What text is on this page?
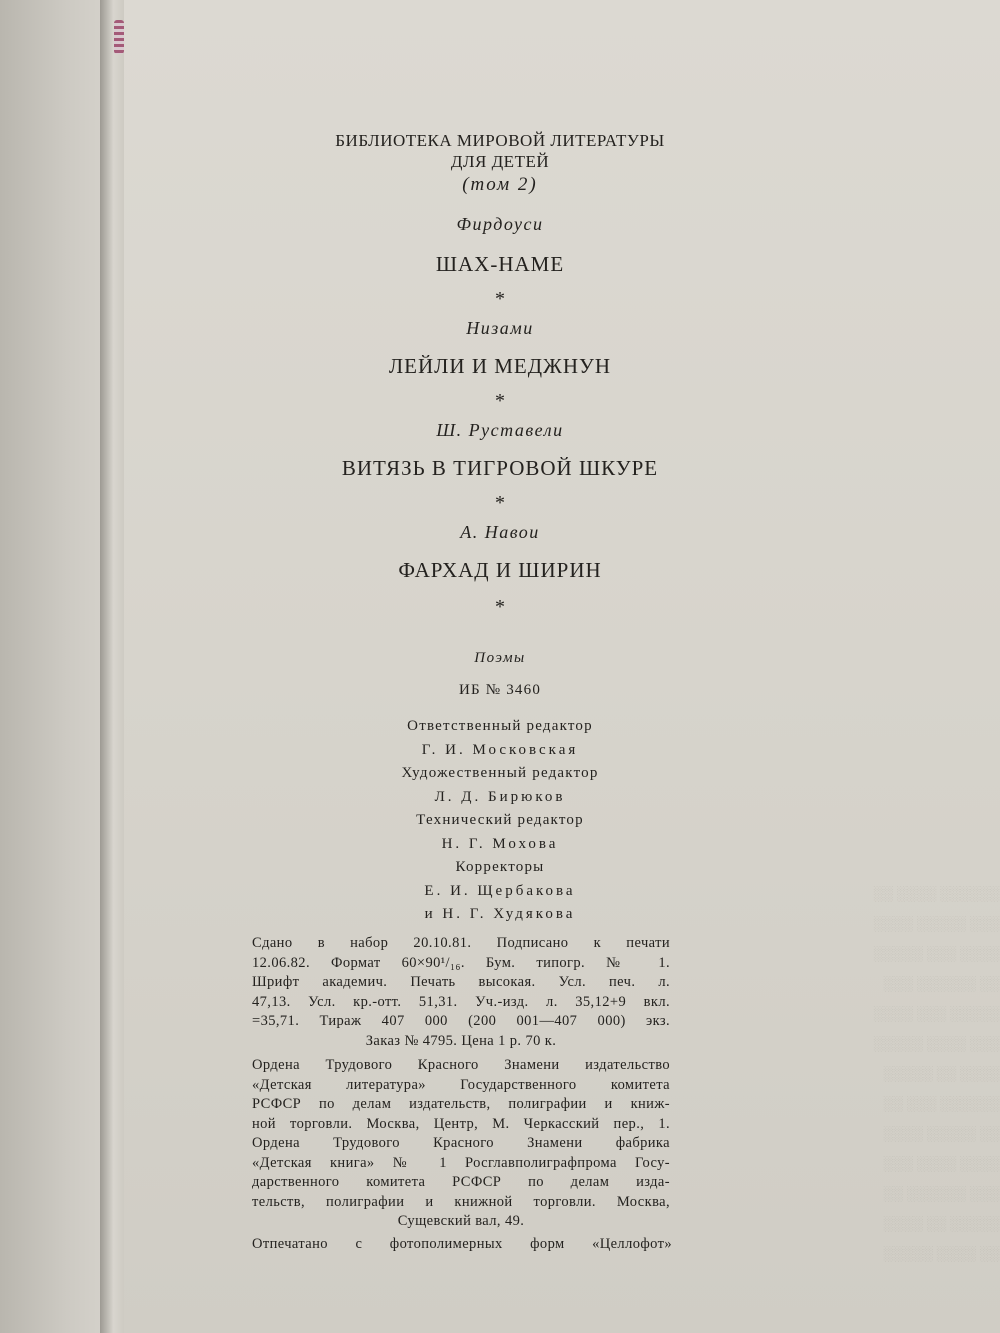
░░░░░░ ░░░░ ░░
░░░ ░░░░░ ░░░░
░░░░ ░░░ ░░░░░
░░ ░░░░░░ ░░░
░░░░░ ░░░ ░░░░
░░░ ░░░░ ░░░░░
░░░░ ░░ ░░░░░
░░░░░░ ░░░ ░░
░░ ░░░░░ ░░░░
░░░░ ░░░░ ░░░
░░░ ░░░░░░ ░░
░░░░░ ░░ ░░░░
░░ ░░░░ ░░░░░
БИБЛИОТЕКА МИРОВОЙ ЛИТЕРАТУРЫ
ДЛЯ ДЕТЕЙ
(том 2)
Фирдоуси
ШАХ-НАМЕ
*
Низами
ЛЕЙЛИ И МЕДЖНУН
*
Ш. Руставели
ВИТЯЗЬ В ТИГРОВОЙ ШКУРЕ
*
А. Навои
ФАРХАД И ШИРИН
*
Поэмы
ИБ № 3460
Ответственный редактор
Г. И. Московская
Художественный редактор
Л. Д. Бирюков
Технический редактор
Н. Г. Мохова
Корректоры
Е. И. Щербакова
и Н. Г. Худякова
Сдано в набор 20.10.81. Подписано к печати
12.06.82. Формат 60×90¹/₁₆. Бум. типогр. № 1.
Шрифт академич. Печать высокая. Усл. печ. л.
47,13. Усл. кр.-отт. 51,31. Уч.-изд. л. 35,12+9 вкл.
=35,71. Тираж 407 000 (200 001—407 000) экз.
Заказ № 4795. Цена 1 р. 70 к.
Ордена Трудового Красного Знамени издательство
«Детская литература» Государственного комитета
РСФСР по делам издательств, полиграфии и книж-
ной торговли. Москва, Центр, М. Черкасский пер., 1.
Ордена Трудового Красного Знамени фабрика
«Детская книга» № 1 Росглавполиграфпрома Госу-
дарственного комитета РСФСР по делам изда-
тельств, полиграфии и книжной торговли. Москва,
Сущевский вал, 49.
Отпечатано с фотополимерных форм «Целлофот»
